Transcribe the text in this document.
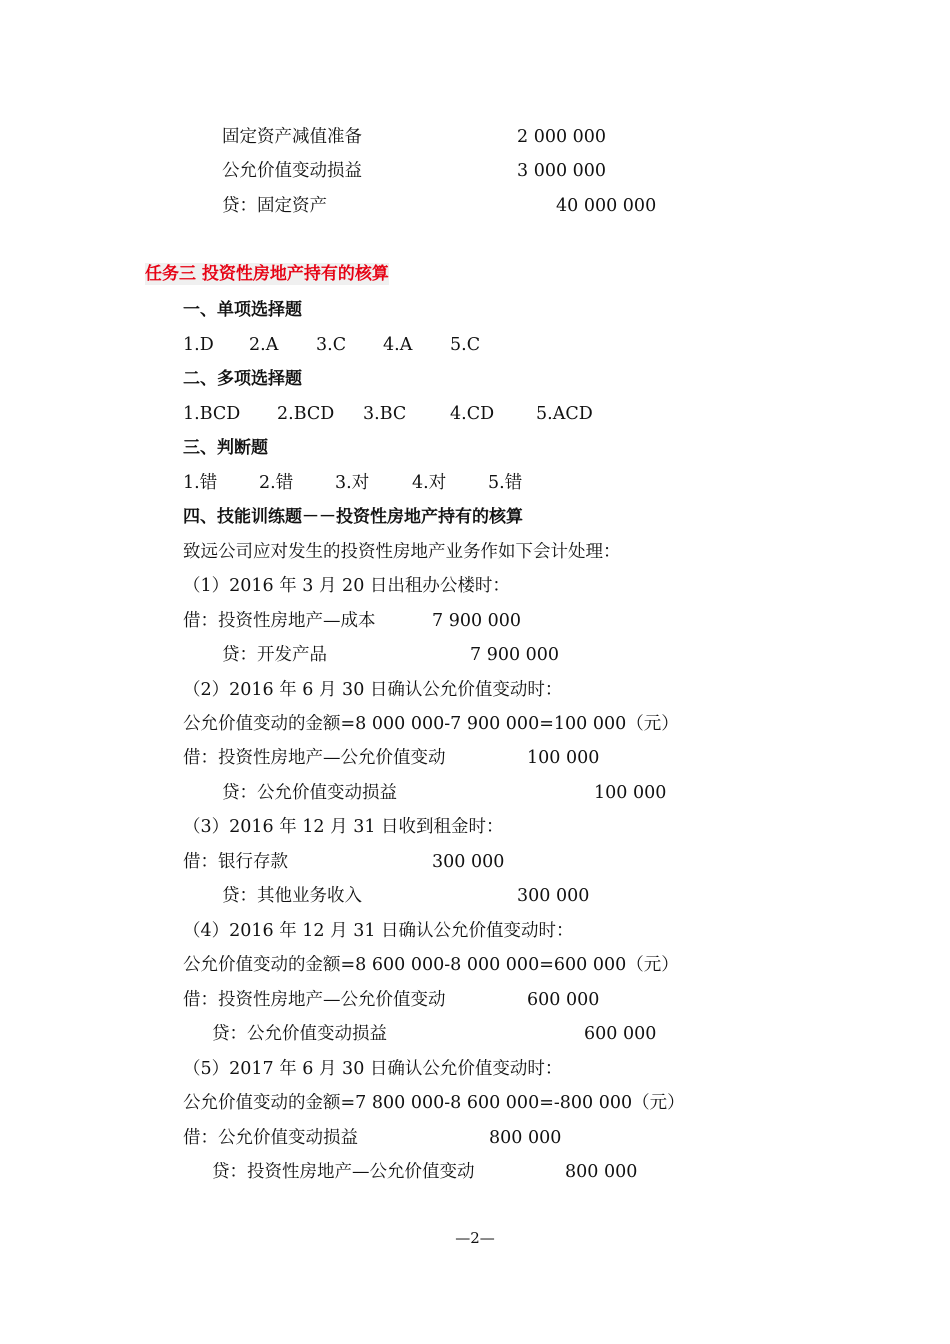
固定资产减值准备	2 000 000
公允价值变动损益	3 000 000
贷：固定资产	40 000 000
任务三 投资性房地产持有的核算
一、单项选择题

1.D

2.A

3.C

4.A

5.C

二、多项选择题

1.BCD

2.BCD

3.BC

4.CD

5.ACD

三、判断题

1.错

2.错

3.对

4.对

5.错

四、技能训练题－－投资性房地产持有的核算
致远公司应对发生的投资性房地产业务作如下会计处理：
（1）2016 年 3 月 20 日出租办公楼时：
借：投资性房地产—成本	7 900 000
贷：开发产品	7 900 000
（2）2016 年 6 月 30 日确认公允价值变动时：
公允价值变动的金额=8 000 000-7 900 000=100 000（元）
借：投资性房地产—公允价值变动	100 000
贷：公允价值变动损益	100 000
（3）2016 年 12 月 31 日收到租金时：
借：银行存款	300 000
贷：其他业务收入	300 000
（4）2016 年 12 月 31 日确认公允价值变动时：
公允价值变动的金额=8 600 000-8 000 000=600 000（元）
借：投资性房地产—公允价值变动	600 000
贷：公允价值变动损益	600 000
（5）2017 年 6 月 30 日确认公允价值变动时：
公允价值变动的金额=7 800 000-8 600 000=-800 000（元）
借：公允价值变动损益	800 000
贷：投资性房地产—公允价值变动	800 000
—2—
